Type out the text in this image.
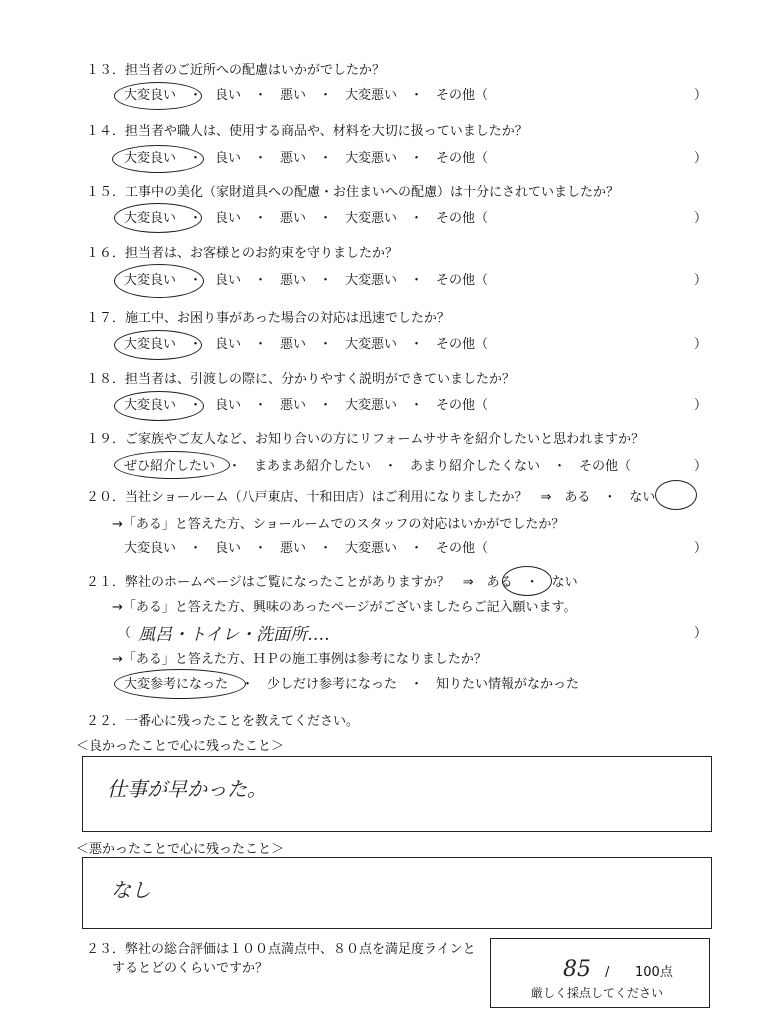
１３．担当者のご近所への配慮はいかがでしたか？
大変良い　・　良い　・　悪い　・　大変悪い　・　その他（	）
１４．担当者や職人は、使用する商品や、材料を大切に扱っていましたか？
大変良い　・　良い　・　悪い　・　大変悪い　・　その他（	）
１５．工事中の美化（家財道具への配慮・お住まいへの配慮）は十分にされていましたか？
大変良い　・　良い　・　悪い　・　大変悪い　・　その他（	）
１６．担当者は、お客様とのお約束を守りましたか？
大変良い　・　良い　・　悪い　・　大変悪い　・　その他（	）
１７．施工中、お困り事があった場合の対応は迅速でしたか？
大変良い　・　良い　・　悪い　・　大変悪い　・　その他（	）
１８．担当者は、引渡しの際に、分かりやすく説明ができていましたか？
大変良い　・　良い　・　悪い　・　大変悪い　・　その他（	）
１９．ご家族やご友人など、お知り合いの方にリフォームササキを紹介したいと思われますか？
ぜひ紹介したい　・　まあまあ紹介したい　・　あまり紹介したくない　・　その他（	）
２０．当社ショールーム（八戸東店、十和田店）はご利用になりましたか？　⇒　ある　・　ない
→「ある」と答えた方、ショールームでのスタッフの対応はいかがでしたか？
大変良い　・　良い　・　悪い　・　大変悪い　・　その他（	）
２１．弊社のホームページはご覧になったことがありますか？　⇒　ある　・　ない
→「ある」と答えた方、興味のあったページがございましたらご記入願います。
（ 風呂・トイレ・洗面所‥‥	）
→「ある」と答えた方、ＨＰの施工事例は参考になりましたか？
大変参考になった　・　少しだけ参考になった　・　知りたい情報がなかった
２２．一番心に残ったことを教えてください。
＜良かったことで心に残ったこと＞
仕事が早かった。
＜悪かったことで心に残ったこと＞
なし
２３．弊社の総合評価は１００点満点中、８０点を満足度ラインと
するとどのくらいですか？	85 / 100点
厳しく採点してください
